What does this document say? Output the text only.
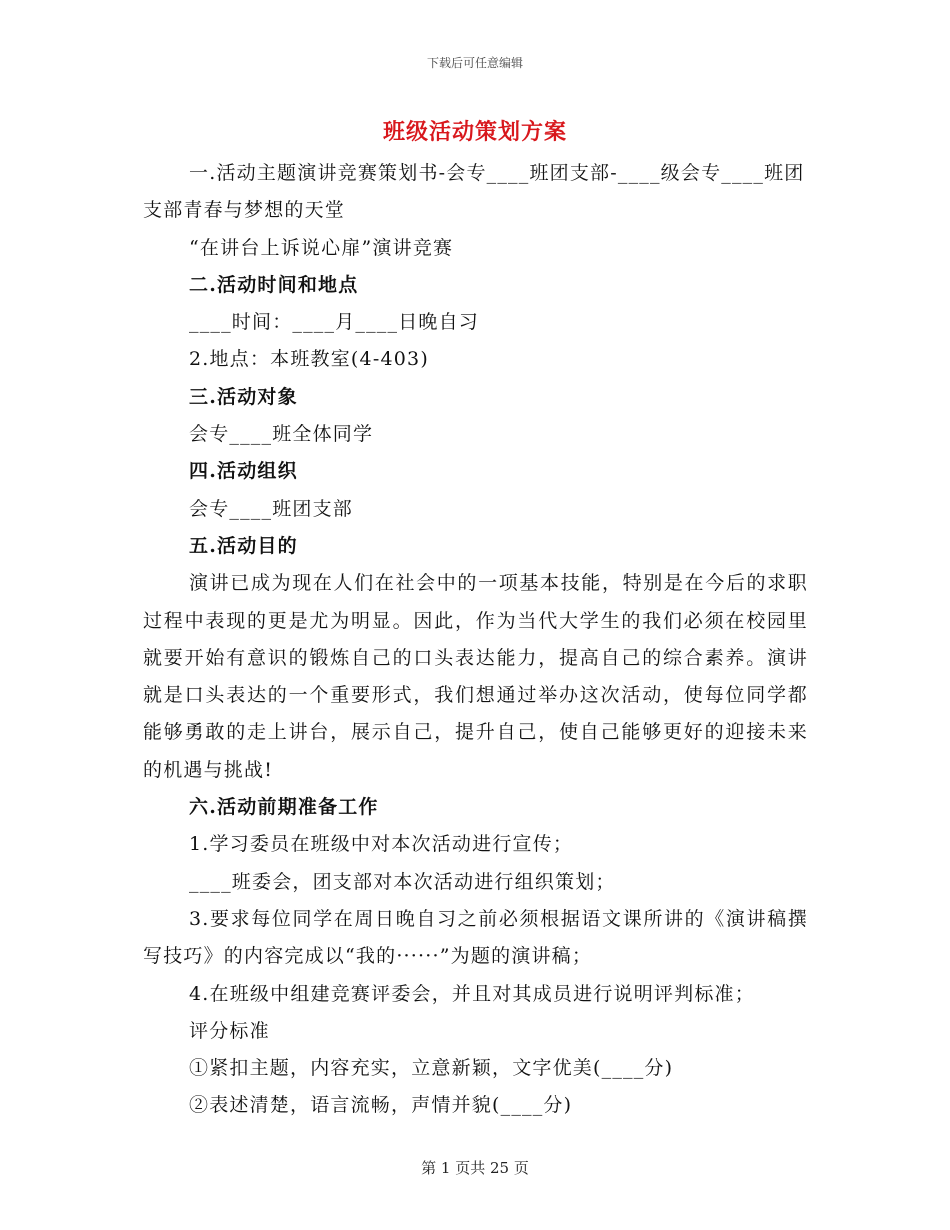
下载后可任意编辑
班级活动策划方案

一.活动主题演讲竞赛策划书-会专____班团支部-____级会专____班团支部青春与梦想的天堂

“在讲台上诉说心扉”演讲竞赛

二.活动时间和地点

____时间：____月____日晚自习

2.地点：本班教室(4-403)

三.活动对象

会专____班全体同学

四.活动组织

会专____班团支部

五.活动目的

演讲已成为现在人们在社会中的一项基本技能，特别是在今后的求职过程中表现的更是尤为明显。因此，作为当代大学生的我们必须在校园里就要开始有意识的锻炼自己的口头表达能力，提高自己的综合素养。演讲就是口头表达的一个重要形式，我们想通过举办这次活动，使每位同学都能够勇敢的走上讲台，展示自己，提升自己，使自己能够更好的迎接未来的机遇与挑战!

六.活动前期准备工作

1.学习委员在班级中对本次活动进行宣传；

____班委会，团支部对本次活动进行组织策划；

3.要求每位同学在周日晚自习之前必须根据语文课所讲的《演讲稿撰写技巧》的内容完成以“我的······”为题的演讲稿；

4.在班级中组建竞赛评委会，并且对其成员进行说明评判标准；

评分标准

①紧扣主题，内容充实，立意新颖，文字优美(____分)

②表述清楚，语言流畅，声情并貌(____分)

第 1 页共 25 页
